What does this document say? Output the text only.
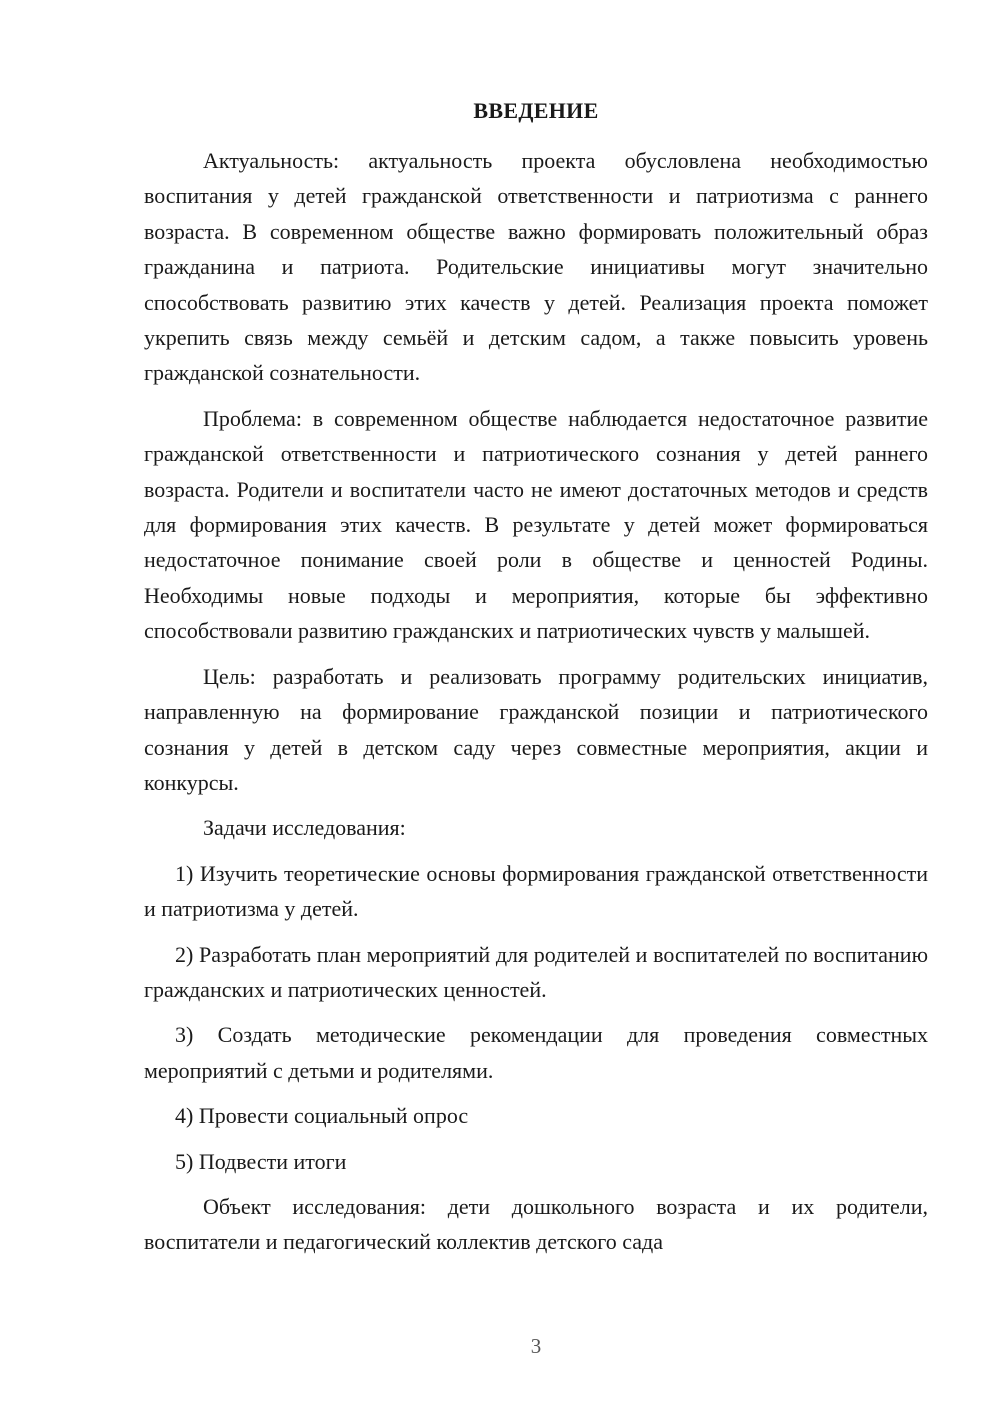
ВВЕДЕНИЕ

Актуальность: актуальность проекта обусловлена необходимостью воспитания у детей гражданской ответственности и патриотизма с раннего возраста. В современном обществе важно формировать положительный образ гражданина и патриота. Родительские инициативы могут значительно способствовать развитию этих качеств у детей. Реализация проекта поможет укрепить связь между семьёй и детским садом, а также повысить уровень гражданской сознательности.

Проблема: в современном обществе наблюдается недостаточное развитие гражданской ответственности и патриотического сознания у детей раннего возраста. Родители и воспитатели часто не имеют достаточных методов и средств для формирования этих качеств. В результате у детей может формироваться недостаточное понимание своей роли в обществе и ценностей Родины. Необходимы новые подходы и мероприятия, которые бы эффективно способствовали развитию гражданских и патриотических чувств у малышей.

Цель: разработать и реализовать программу родительских инициатив, направленную на формирование гражданской позиции и патриотического сознания у детей в детском саду через совместные мероприятия, акции и конкурсы.

Задачи исследования:

1) Изучить теоретические основы формирования гражданской ответственности и патриотизма у детей.

2) Разработать план мероприятий для родителей и воспитателей по воспитанию гражданских и патриотических ценностей.

3) Создать методические рекомендации для проведения совместных мероприятий с детьми и родителями.

4) Провести социальный опрос

5) Подвести итоги

Объект исследования: дети дошкольного возраста и их родители, воспитатели и педагогический коллектив детского сада

3
